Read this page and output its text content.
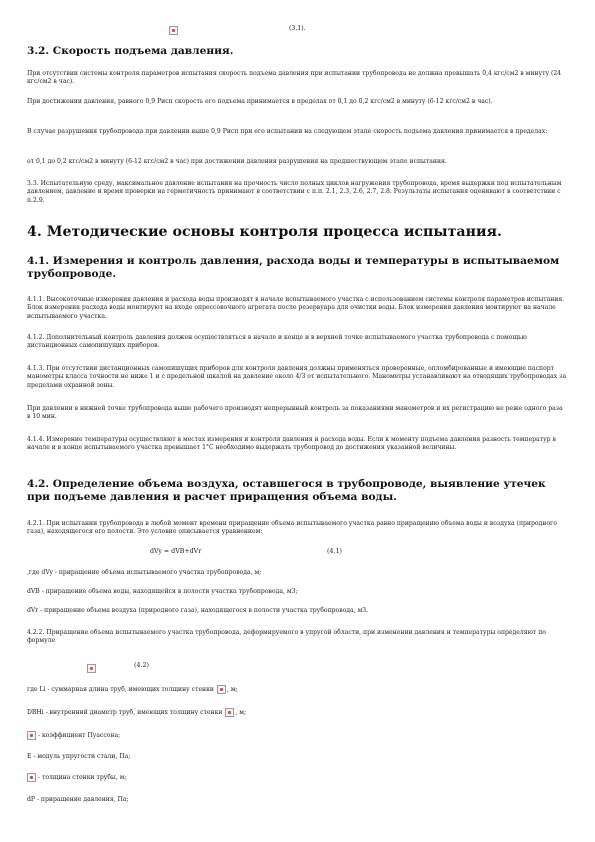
(3.1).
3.2. Скорость подъема давления.
При отсутствии системы контроля параметров испытания скорость подъема давления при испытании трубопровода не должна превышать 0,4 кгс/см2 в минуту (24 кгс/см2 в час).
При достижении давления, равного 0,9 Рисп скорость его подъема принимается в пределах от 0,1 до 0,2 кгс/см2 в минуту (6-12 кгс/см2 в час).
В случае разрушения трубопровода при давлении выше 0,9 Рисп при его испытании на следующем этапе скорость подъема давления принимается в пределах:
от 0,1 до 0,2 кгс/см2 в минуту (6-12 кгс/см2 в час) при достижении давления разрушения на предшествующем этапе испытания.
3.3. Испытательную среду, максимальное давление испытания на прочность число полных циклов нагружения трубопровода, время выдержки под испытательным давлением, давление и время проверки на герметичность принимают в соответствии с п.п. 2.1, 2.3, 2.6, 2.7, 2.8. Результаты испытания оценивают в соответствии с п.2.9.
4. Методические основы контроля процесса испытания.
4.1. Измерения и контроль давления, расхода воды и температуры в испытываемом трубопроводе.
4.1.1. Высокоточные измерения давления и расхода воды производят в начале испытываемого участка с использованием системы контроля параметров испытания. Блок измерения расхода воды монтируют на входе опрессовочного агрегата после резервуара для очистки воды. Блок измерения давления монтируют на начале испытываемого участка.
4.1.2. Дополнительный контроль давления должен осуществляться в начале и конце и в верхней точке испытываемого участка трубопровода с помощью дистанционных самопишущих приборов.
4.1.3. При отсутствии дистанционных самопишущих приборов для контроля давления должны применяться проверенные, опломбированные и имеющие паспорт манометры класса точности не ниже 1 и с предельной шкалой на давление около 4/3 от испытательного. Манометры устанавливают на отводящих трубопроводах за пределами охранной зоны.
При давлении в нижней точке трубопровода выше рабочего производят непрерывный контроль за показаниями манометров и их регистрацию не реже одного раза в 10 мин.
4.1.4. Измерение температуры осуществляют в местах измерения и контроля давления и расхода воды. Если к моменту подъема давления разность температур в начале и в конце испытываемого участка превышает 1°С необходимо выдержать трубопровод до достижения указанной величины.
4.2. Определение объема воздуха, оставшегося в трубопроводе, выявление утечек при подъеме давления и расчет приращения объема воды.
4.2.1. При испытании трубопровода в любой момент времени приращение объема испытываемого участка равно приращению объема воды и воздуха (природного газа), находящегося его полости. Это условие описывается уравнением:
dVy = dVB+dVr	(4.1)
,где dVy - приращение объема испытываемого участка трубопровода, м;
dVB - приращение объема воды, находящейся в полости участка трубопровода, м3;
dVr - приращение объема воздуха (природного газа), находящегося в полости участка трубопровода, м3.
4.2.2. Приращение объема испытываемого участка трубопровода, деформируемого в упругой области, при изменении давления и температуры определяют по формуле
(4.2)
где Li - суммарная длина труб, имеющих толщину стенки , м;
DBHi - внутренний диаметр труб, имеющих толщину стенки , м;
- коэффициент Пуассона;
Е - модуль упругости стали, Па;
- толщина стенки трубы, м;
dP - приращение давления, Па;
